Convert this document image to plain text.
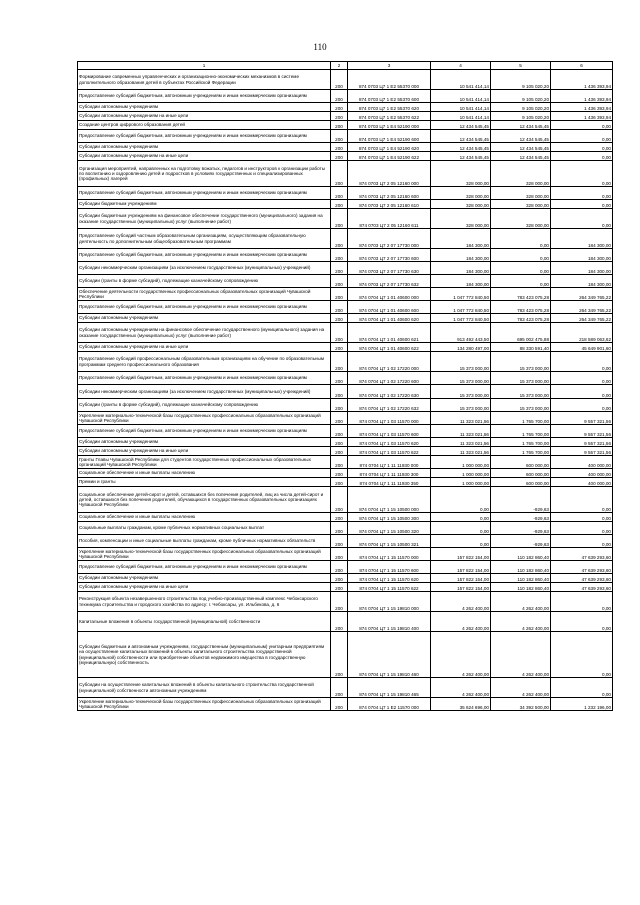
110
1	2	3	4	5	6
Формирование современных управленческих и организационно-экономических механизмов в системе дополнительного образования детей в субъектах Российской Федерации	200	874 0703 Ц7 1 Е2 55370 000	10 541 414,14	9 105 020,20	1 436 393,94
Предоставление субсидий бюджетным, автономным учреждениям и иным некоммерческим организациям	200	874 0703 Ц7 1 Е2 55370 600	10 541 414,14	9 105 020,20	1 436 393,94
Субсидии автономным учреждениям	200	874 0703 Ц7 1 Е2 55370 620	10 541 414,14	9 105 020,20	1 436 393,94
Субсидии автономным учреждениям на иные цели	200	874 0703 Ц7 1 Е2 55370 622	10 541 414,14	9 105 020,20	1 436 393,94
Создание центров цифрового образования детей	200	874 0703 Ц7 1 Е4 52190 000	12 434 545,45	12 434 545,45	0,00
Предоставление субсидий бюджетным, автономным учреждениям и иным некоммерческим организациям	200	874 0703 Ц7 1 Е4 52190 600	12 434 545,45	12 434 545,45	0,00
Субсидии автономным учреждениям	200	874 0703 Ц7 1 Е4 52190 620	12 434 545,45	12 434 545,45	0,00
Субсидии автономным учреждениям на иные цели	200	874 0703 Ц7 1 Е4 52190 622	12 434 545,45	12 434 545,45	0,00
Организация мероприятий, направленных на подготовку вожатых, педагогов и инструкторов к организации работы по воспитанию и оздоровлению детей и подростков в условиях государственных и специализированных (профильных) лагерей	200	874 0703 Ц7 2 05 12160 000	328 000,00	328 000,00	0,00
Предоставление субсидий бюджетным, автономным учреждениям и иным некоммерческим организациям	200	874 0703 Ц7 2 05 12160 600	328 000,00	328 000,00	0,00
Субсидии бюджетным учреждениям	200	874 0703 Ц7 2 05 12160 610	328 000,00	328 000,00	0,00
Субсидии бюджетным учреждениям на финансовое обеспечение государственного (муниципального) задания на оказание государственных (муниципальных) услуг (выполнение работ)	200	874 0703 Ц7 2 05 12160 611	328 000,00	328 000,00	0,00
Предоставление субсидий частным образовательным организациям, осуществляющим образовательную деятельность по дополнительным общеобразовательным программам	200	874 0703 Ц7 2 07 17730 000	184 300,00	0,00	184 300,00
Предоставление субсидий бюджетным, автономным учреждениям и иным некоммерческим организациям	200	874 0703 Ц7 2 07 17730 600	184 300,00	0,00	184 300,00
Субсидии некоммерческим организациям (за исключением государственных (муниципальных) учреждений)	200	874 0703 Ц7 2 07 17730 630	184 300,00	0,00	184 300,00
Субсидии (гранты в форме субсидий), подлежащие казначейскому сопровождению	200	874 0703 Ц7 2 07 17730 632	184 300,00	0,00	184 300,00
Обеспечение деятельности государственных профессиональных образовательных организаций Чувашской Республики	200	874 0704 Ц7 1 01 40600 000	1 047 772 840,50	783 423 075,28	264 349 765,22
Предоставление субсидий бюджетным, автономным учреждениям и иным некоммерческим организациям	200	874 0704 Ц7 1 01 40600 600	1 047 772 840,50	783 423 075,28	264 349 765,22
Субсидии автономным учреждениям	200	874 0704 Ц7 1 01 40600 620	1 047 772 840,50	783 423 075,28	264 349 765,22
Субсидии автономным учреждениям на финансовое обеспечение государственного (муниципального) задания на оказание государственных (муниципальных) услуг (выполнение работ)	200	874 0704 Ц7 1 01 40600 621	913 492 443,50	695 002 475,88	218 589 063,62
Субсидии автономным учреждениям на иные цели	200	874 0704 Ц7 1 01 40600 622	134 280 497,00	88 330 591,40	45 649 901,60
Предоставление субсидий профессиональным образовательным организациям на обучение по образовательным программам среднего профессионального образования	200	874 0704 Ц7 1 02 17220 000	15 373 000,00	15 373 000,00	0,00
Предоставление субсидий бюджетным, автономным учреждениям и иным некоммерческим организациям	200	874 0704 Ц7 1 02 17220 600	15 373 000,00	15 373 000,00	0,00
Субсидии некоммерческим организациям (за исключением государственных (муниципальных) учреждений)	200	874 0704 Ц7 1 02 17220 630	15 373 000,00	15 373 000,00	0,00
Субсидии (гранты в форме субсидий), подлежащие казначейскому сопровождению	200	874 0704 Ц7 1 02 17220 632	15 373 000,00	15 373 000,00	0,00
Укрепление материально-технической базы государственных профессиональных образовательных организаций Чувашской Республики	200	874 0704 Ц7 1 03 11570 000	11 323 021,56	1 765 700,00	9 557 321,56
Предоставление субсидий бюджетным, автономным учреждениям и иным некоммерческим организациям	200	874 0704 Ц7 1 03 11570 600	11 323 021,56	1 765 700,00	9 557 321,56
Субсидии автономным учреждениям	200	874 0704 Ц7 1 03 11570 620	11 323 021,56	1 765 700,00	9 557 321,56
Субсидии автономным учреждениям на иные цели	200	874 0704 Ц7 1 03 11570 622	11 323 021,56	1 765 700,00	9 557 321,56
Гранты Главы Чувашской Республики для студентов государственных профессиональных образовательных организаций Чувашской Республики	200	874 0704 Ц7 1 11 11930 000	1 000 000,00	600 000,00	400 000,00
Социальное обеспечение и иные выплаты населению	200	874 0704 Ц7 1 11 11930 300	1 000 000,00	600 000,00	400 000,00
Премии и гранты	200	874 0704 Ц7 1 11 11930 350	1 000 000,00	600 000,00	400 000,00
Социальное обеспечение детей-сирот и детей, оставшихся без попечения родителей, лиц из числа детей-сирот и детей, оставшихся без попечения родителей, обучающихся в государственных образовательных организациях Чувашской Республики	200	874 0704 Ц7 1 15 10500 000	0,00	-929,63	0,00
Социальное обеспечение и иные выплаты населению	200	874 0704 Ц7 1 15 10500 300	0,00	-929,63	0,00
Социальные выплаты гражданам, кроме публичных нормативных социальных выплат	200	874 0704 Ц7 1 15 10500 320	0,00	-929,63	0,00
Пособия, компенсации и иные социальные выплаты гражданам, кроме публичных нормативных обязательств	200	874 0704 Ц7 1 15 10500 321	0,00	-929,63	0,00
Укрепление материально-технической базы государственных профессиональных образовательных организаций Чувашской Республики	200	874 0704 Ц7 1 15 11570 000	157 822 154,00	110 182 860,40	47 639 293,60
Предоставление субсидий бюджетным, автономным учреждениям и иным некоммерческим организациям	200	874 0704 Ц7 1 15 11570 600	157 822 154,00	110 182 860,40	47 639 293,60
Субсидии автономным учреждениям	200	874 0704 Ц7 1 15 11570 620	157 822 154,00	110 182 860,40	47 639 293,60
Субсидии автономным учреждениям на иные цели	200	874 0704 Ц7 1 15 11570 622	157 822 154,00	110 182 860,40	47 639 293,60
Реконструкция объекта незавершенного строительства под учебно-производственный комплекс Чебоксарского техникума строительства и городского хозяйства по адресу: г. Чебоксары, ул. Ильбекова, д. 6	200	874 0704 Ц7 1 15 19810 000	4 262 400,00	4 262 400,00	0,00
Капитальные вложения в объекты государственной (муниципальной) собственности	200	874 0704 Ц7 1 15 19810 400	4 262 400,00	4 262 400,00	0,00
Субсидии бюджетным и автономным учреждениям, государственным (муниципальным) унитарным предприятиям на осуществление капитальных вложений в объекты капитального строительства государственной (муниципальной) собственности или приобретение объектов недвижимого имущества в государственную (муниципальную) собственность	200	874 0704 Ц7 1 15 19810 460	4 262 400,00	4 262 400,00	0,00
Субсидии на осуществление капитальных вложений в объекты капитального строительства государственной (муниципальной) собственности автономным учреждениям	200	874 0704 Ц7 1 15 19810 465	4 262 400,00	4 262 400,00	0,00
Укрепление материально-технической базы государственных профессиональных образовательных организаций Чувашской Республики	200	874 0704 Ц7 1 Е2 11570 000	35 624 696,00	34 392 500,00	1 232 196,00
